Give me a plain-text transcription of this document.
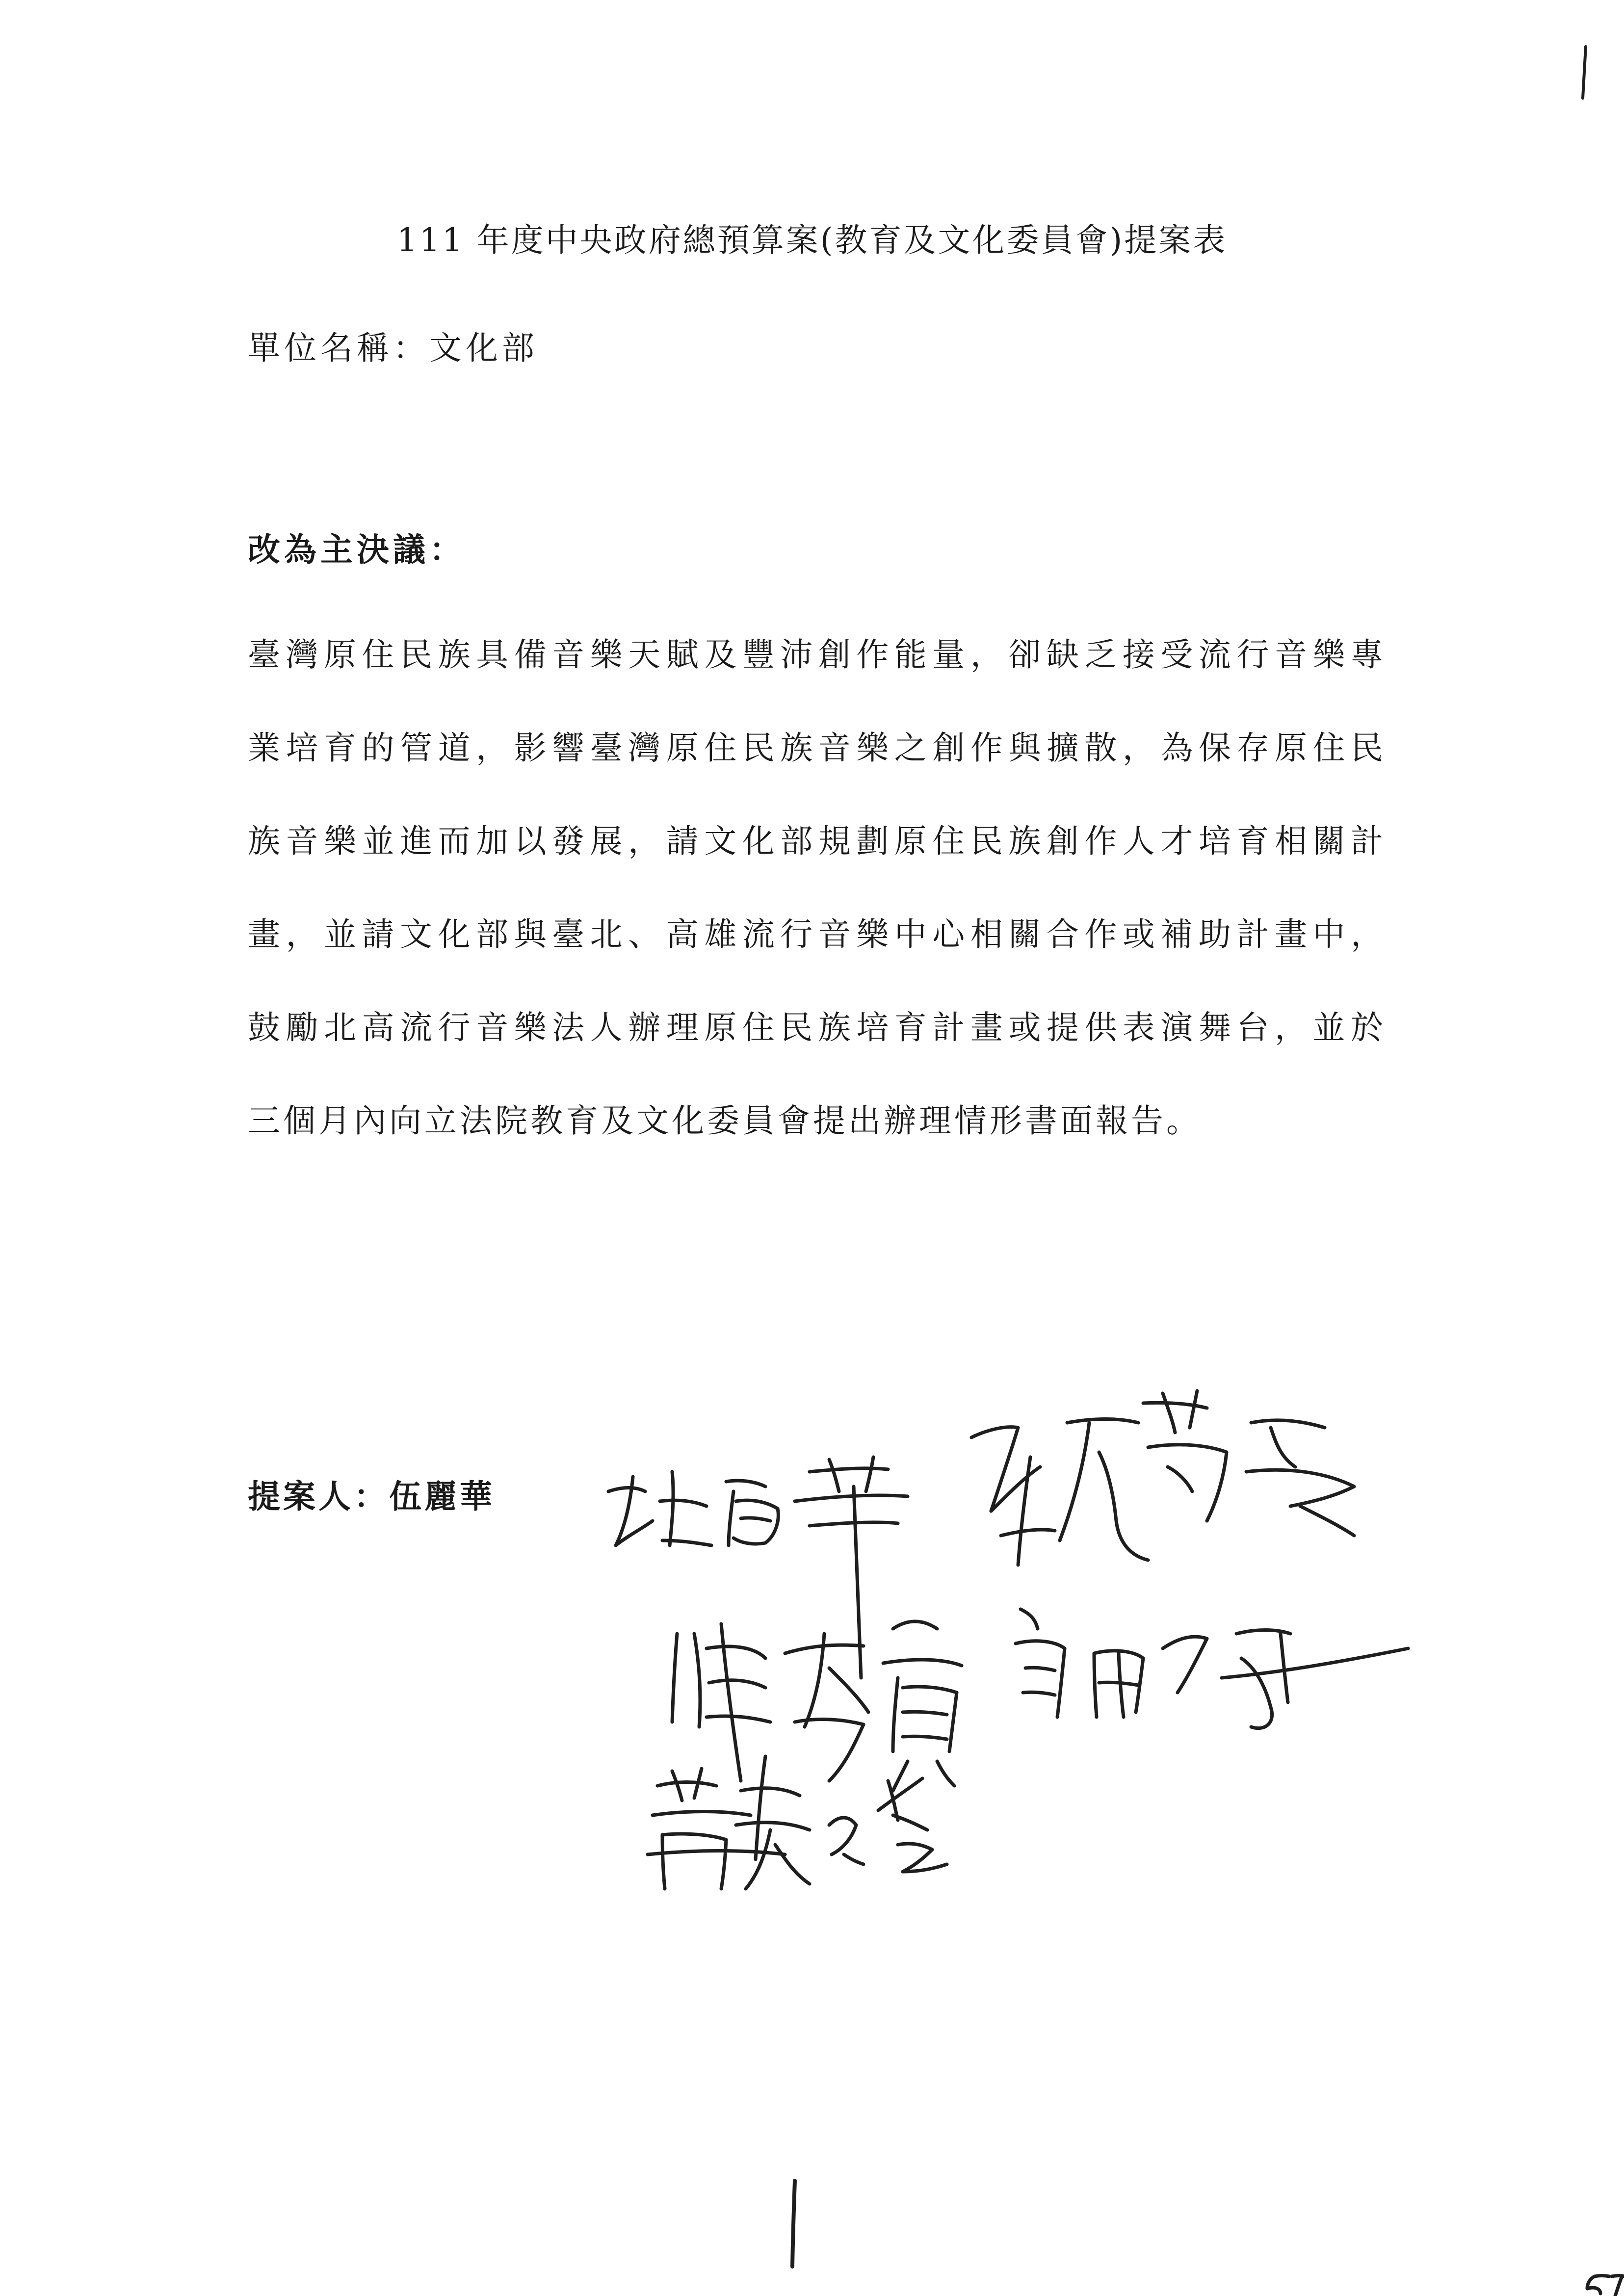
111 年度中央政府總預算案(教育及文化委員會)提案表
單位名稱：文化部
改為主決議：
臺灣原住民族具備音樂天賦及豐沛創作能量，卻缺乏接受流行音樂專
業培育的管道，影響臺灣原住民族音樂之創作與擴散，為保存原住民
族音樂並進而加以發展，請文化部規劃原住民族創作人才培育相關計
畫，並請文化部與臺北、高雄流行音樂中心相關合作或補助計畫中，
鼓勵北高流行音樂法人辦理原住民族培育計畫或提供表演舞台，並於
三個月內向立法院教育及文化委員會提出辦理情形書面報告。
提案人：伍麗華
